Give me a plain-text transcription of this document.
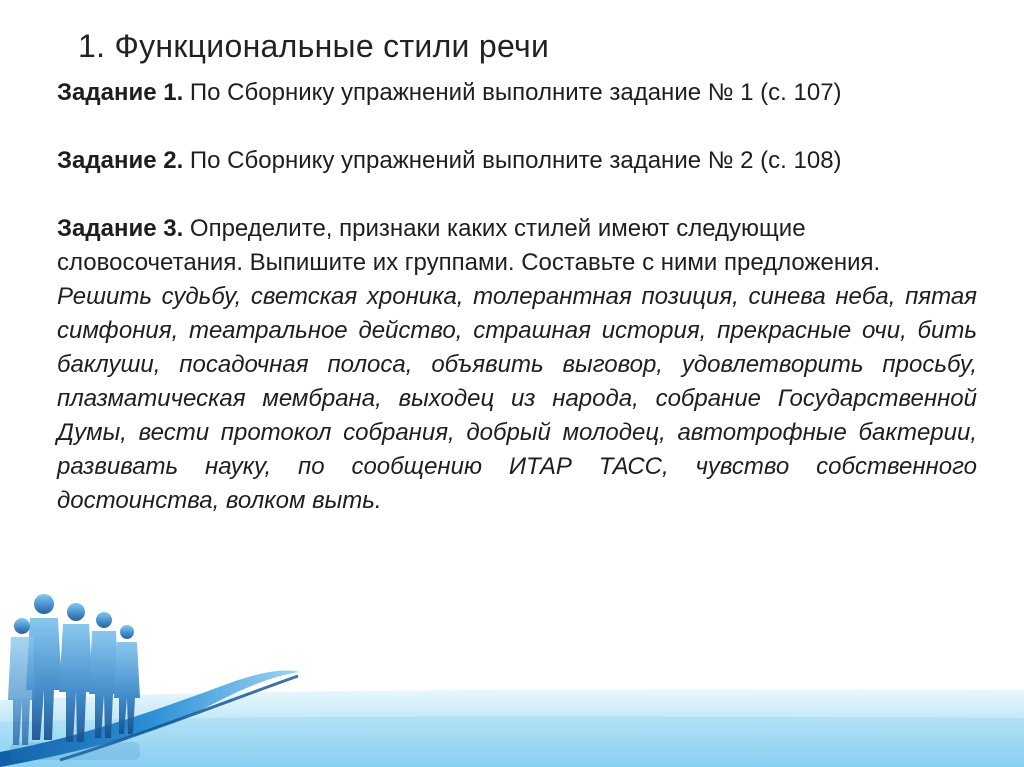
1. Функциональные стили речи

Задание 1. По Сборнику упражнений выполните задание № 1 (с. 107)

Задание 2. По Сборнику упражнений выполните задание № 2 (с. 108)

Задание 3. Определите, признаки каких стилей имеют следующие словосочетания. Выпишите их группами. Составьте с ними предложения.

Решить судьбу, светская хроника, толерантная позиция, синева неба, пятая симфония, театральное действо, страшная история, прекрасные очи, бить баклуши, посадочная полоса, объявить выговор, удовлетворить просьбу, плазматическая мембрана, выходец из народа, собрание Государственной Думы, вести протокол собрания, добрый молодец, автотрофные бактерии, развивать науку, по сообщению ИТАР ТАСС, чувство собственного достоинства, волком выть.
